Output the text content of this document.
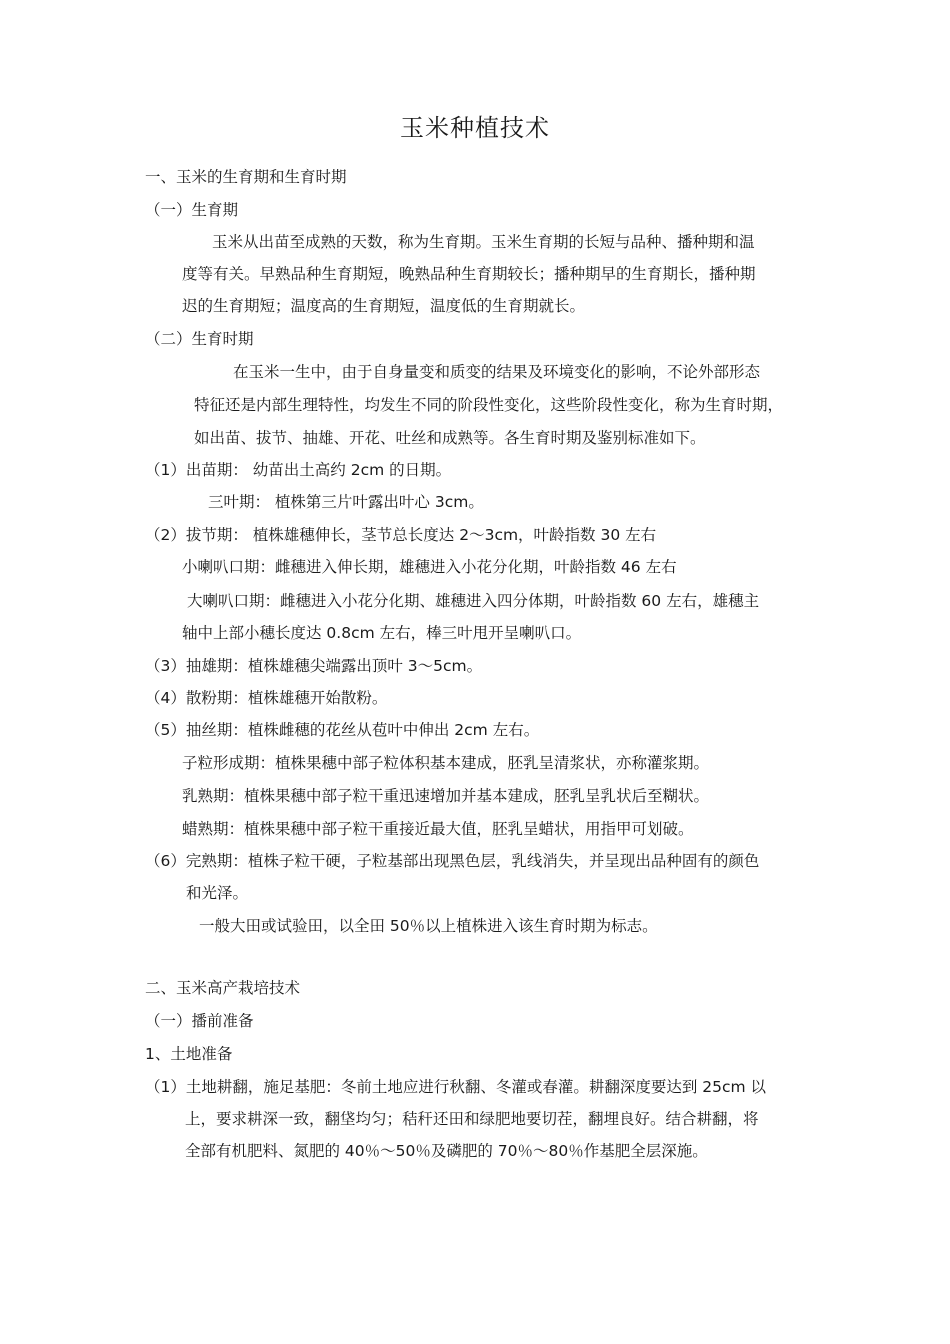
玉米种植技术
一、玉米的生育期和生育时期
（一）生育期
玉米从出苗至成熟的天数，称为生育期。玉米生育期的长短与品种、播种期和温
度等有关。早熟品种生育期短，晚熟品种生育期较长；播种期早的生育期长，播种期
迟的生育期短；温度高的生育期短，温度低的生育期就长。
（二）生育时期
在玉米一生中，由于自身量变和质变的结果及环境变化的影响，不论外部形态
特征还是内部生理特性，均发生不同的阶段性变化，这些阶段性变化，称为生育时期，
如出苗、拔节、抽雄、开花、吐丝和成熟等。各生育时期及鉴别标准如下。
（1）出苗期： 幼苗出土高约 2cm 的日期。
三叶期： 植株第三片叶露出叶心 3cm。
（2）拔节期： 植株雄穗伸长，茎节总长度达 2～3cm，叶龄指数 30 左右
小喇叭口期：雌穗进入伸长期，雄穗进入小花分化期，叶龄指数 46 左右
大喇叭口期：雌穗进入小花分化期、雄穗进入四分体期，叶龄指数 60 左右，雄穗主
轴中上部小穗长度达 0.8cm 左右，棒三叶甩开呈喇叭口。
（3）抽雄期：植株雄穗尖端露出顶叶 3～5cm。
（4）散粉期：植株雄穗开始散粉。
（5）抽丝期：植株雌穗的花丝从苞叶中伸出 2cm 左右。
子粒形成期：植株果穗中部子粒体积基本建成，胚乳呈清浆状，亦称灌浆期。
乳熟期：植株果穗中部子粒干重迅速增加并基本建成，胚乳呈乳状后至糊状。
蜡熟期：植株果穗中部子粒干重接近最大值，胚乳呈蜡状，用指甲可划破。
（6）完熟期：植株子粒干硬，子粒基部出现黑色层，乳线消失，并呈现出品种固有的颜色
和光泽。
一般大田或试验田，以全田 50％以上植株进入该生育时期为标志。
二、玉米高产栽培技术
（一）播前准备
1、土地准备
（1）土地耕翻，施足基肥：冬前土地应进行秋翻、冬灌或春灌。耕翻深度要达到 25cm 以
上，要求耕深一致，翻垡均匀；秸秆还田和绿肥地要切茬，翻埋良好。结合耕翻，将
全部有机肥料、氮肥的 40％～50％及磷肥的 70％～80％作基肥全层深施。
